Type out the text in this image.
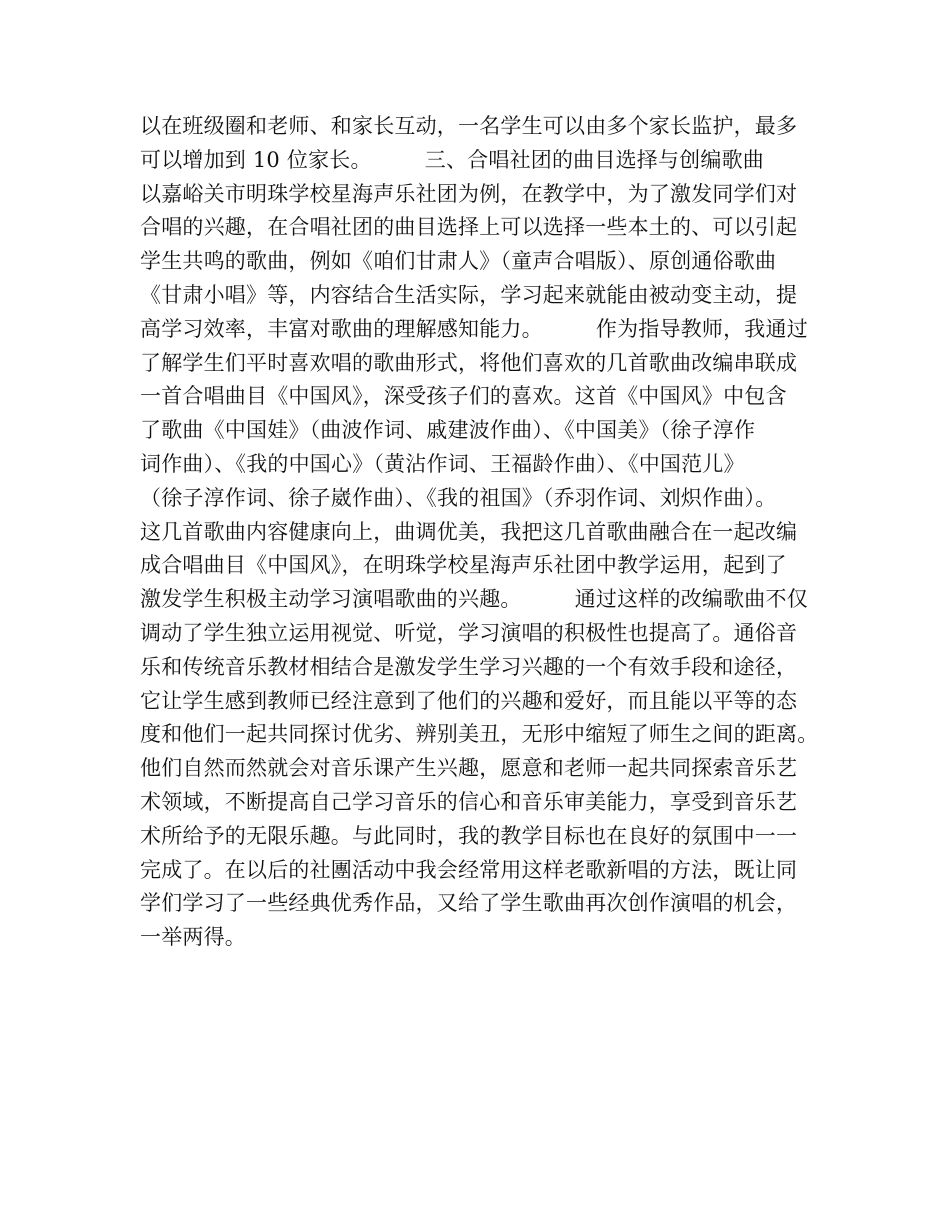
以在班级圈和老师、和家长互动，一名学生可以由多个家长监护，最多
可以增加到 10 位家长。　　　三、合唱社团的曲目选择与创编歌曲
以嘉峪关市明珠学校星海声乐社团为例，在教学中，为了激发同学们对
合唱的兴趣，在合唱社团的曲目选择上可以选择一些本土的、可以引起
学生共鸣的歌曲，例如《咱们甘肃人》（童声合唱版）、原创通俗歌曲
《甘肃小唱》等，内容结合生活实际，学习起来就能由被动变主动，提
高学习效率，丰富对歌曲的理解感知能力。　　　作为指导教师，我通过
了解学生们平时喜欢唱的歌曲形式，将他们喜欢的几首歌曲改编串联成
一首合唱曲目《中国风》，深受孩子们的喜欢。这首《中国风》中包含
了歌曲《中国娃》（曲波作词、戚建波作曲）、《中国美》（徐子淳作
词作曲）、《我的中国心》（黄沾作词、王福龄作曲）、《中国范儿》
（徐子淳作词、徐子崴作曲）、《我的祖国》（乔羽作词、刘炽作曲）。
这几首歌曲内容健康向上，曲调优美，我把这几首歌曲融合在一起改编
成合唱曲目《中国风》，在明珠学校星海声乐社团中教学运用，起到了
激发学生积极主动学习演唱歌曲的兴趣。　　　通过这样的改编歌曲不仅
调动了学生独立运用视觉、听觉，学习演唱的积极性也提高了。通俗音
乐和传统音乐教材相结合是激发学生学习兴趣的一个有效手段和途径，
它让学生感到教师已经注意到了他们的兴趣和爱好，而且能以平等的态
度和他们一起共同探讨优劣、辨别美丑，无形中缩短了师生之间的距离。
他们自然而然就会对音乐课产生兴趣，愿意和老师一起共同探索音乐艺
术领域，不断提高自己学习音乐的信心和音乐审美能力，享受到音乐艺
术所给予的无限乐趣。与此同时，我的教学目标也在良好的氛围中一一
完成了。在以后的社團活动中我会经常用这样老歌新唱的方法，既让同
学们学习了一些经典优秀作品，又给了学生歌曲再次创作演唱的机会，
一举两得。
